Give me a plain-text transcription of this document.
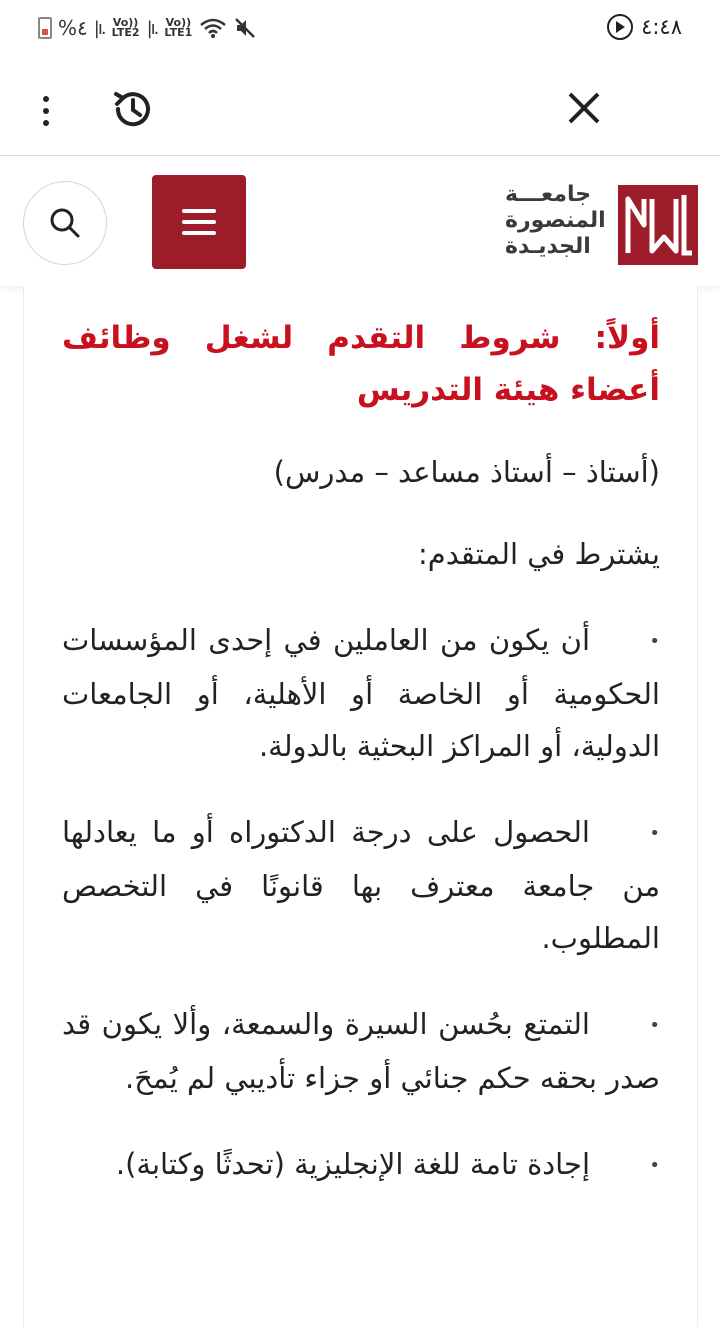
%٤ |ı. Vo)) LTE2 |ı. Vo)) LTE1	٤:٤٨
جامعـــة
المنصورة
الجديـدة
أولاً: شروط التقدم لشغل وظائف أعضاء هيئة التدريس
(أستاذ – أستاذ مساعد – مدرس)
يشترط في المتقدم:
•أن يكون من العاملين في إحدى المؤسسات الحكومية أو الخاصة أو الأهلية، أو الجامعات الدولية، أو المراكز البحثية بالدولة.
•الحصول على درجة الدكتوراه أو ما يعادلها من جامعة معترف بها قانونًا في التخصص المطلوب.
•التمتع بحُسن السيرة والسمعة، وألا يكون قد صدر بحقه حكم جنائي أو جزاء تأديبي لم يُمحَ.
•إجادة تامة للغة الإنجليزية (تحدثًا وكتابة).
